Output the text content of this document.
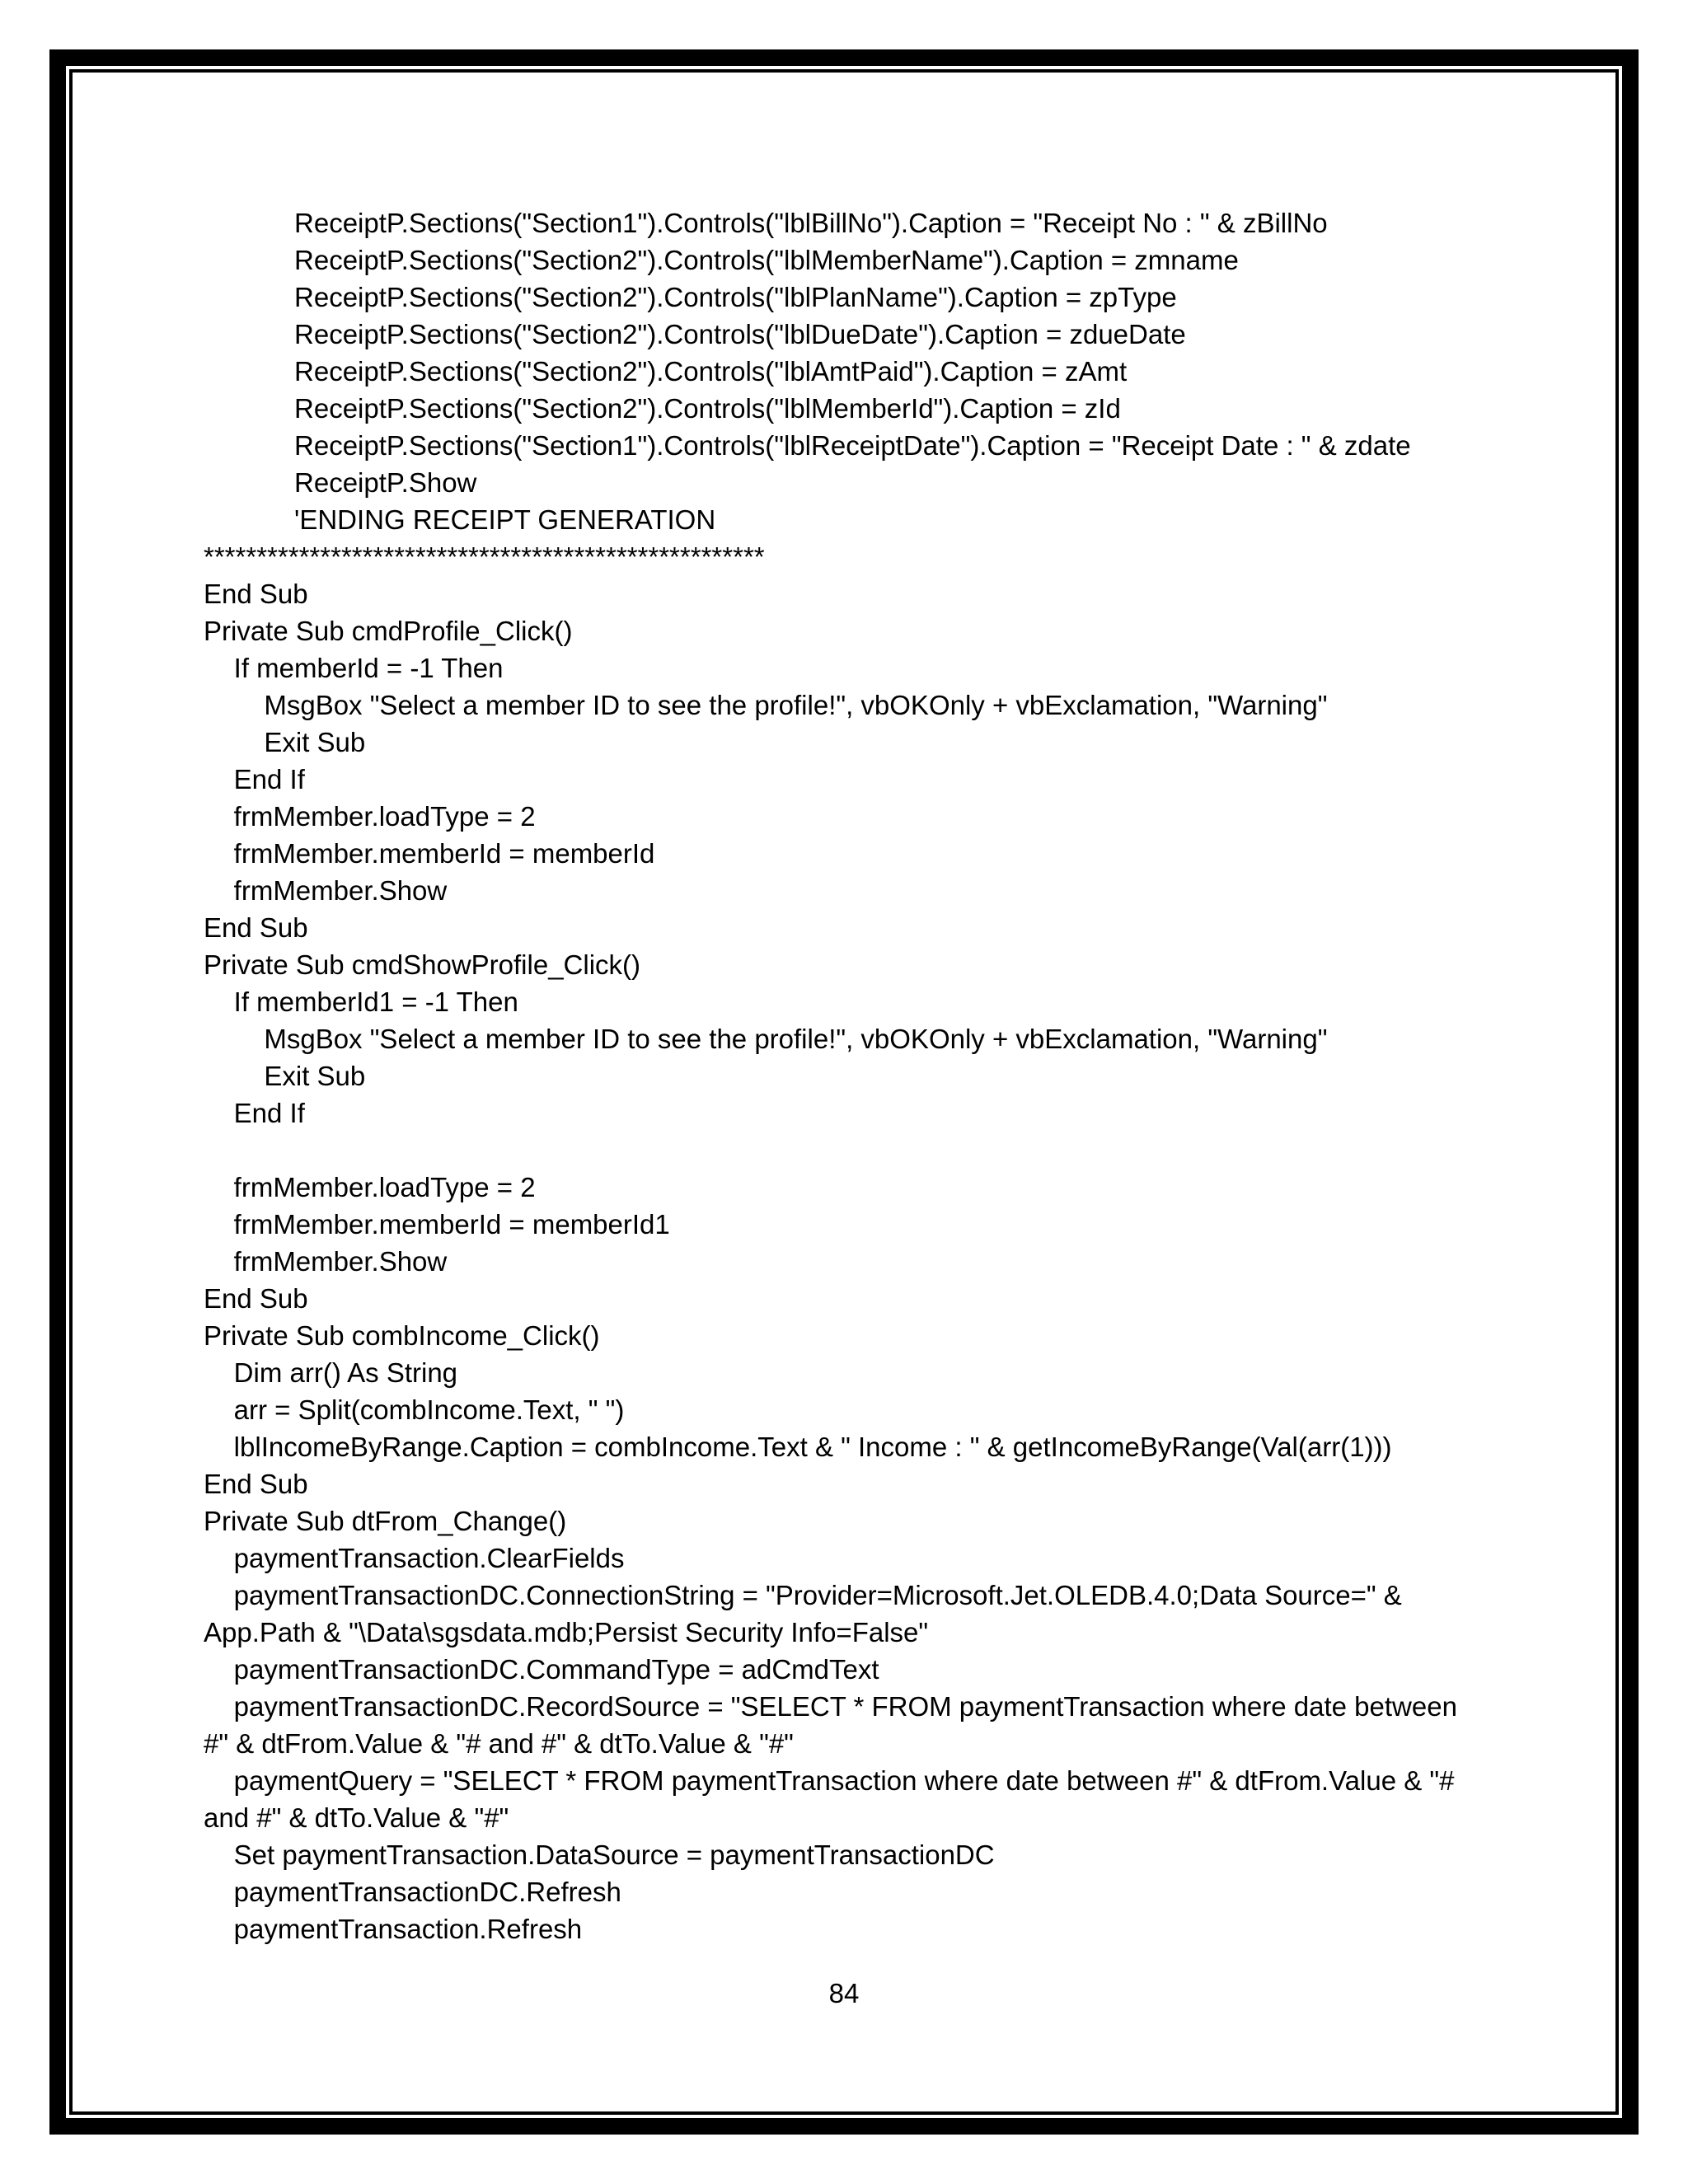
ReceiptP.Sections("Section1").Controls("lblBillNo").Caption = "Receipt No : " & zBillNo
ReceiptP.Sections("Section2").Controls("lblMemberName").Caption = zmname
ReceiptP.Sections("Section2").Controls("lblPlanName").Caption = zpType
ReceiptP.Sections("Section2").Controls("lblDueDate").Caption = zdueDate
ReceiptP.Sections("Section2").Controls("lblAmtPaid").Caption = zAmt
ReceiptP.Sections("Section2").Controls("lblMemberId").Caption = zId
ReceiptP.Sections("Section1").Controls("lblReceiptDate").Caption = "Receipt Date : " & zdate
ReceiptP.Show
'ENDING RECEIPT GENERATION
*****************************************************
End Sub
Private Sub cmdProfile_Click()
If memberId = -1 Then
MsgBox "Select a member ID to see the profile!", vbOKOnly + vbExclamation, "Warning"
Exit Sub
End If
frmMember.loadType = 2
frmMember.memberId = memberId
frmMember.Show
End Sub
Private Sub cmdShowProfile_Click()
If memberId1 = -1 Then
MsgBox "Select a member ID to see the profile!", vbOKOnly + vbExclamation, "Warning"
Exit Sub
End If
frmMember.loadType = 2
frmMember.memberId = memberId1
frmMember.Show
End Sub
Private Sub combIncome_Click()
Dim arr() As String
arr = Split(combIncome.Text, " ")
lblIncomeByRange.Caption = combIncome.Text & " Income : " & getIncomeByRange(Val(arr(1)))
End Sub
Private Sub dtFrom_Change()
paymentTransaction.ClearFields
paymentTransactionDC.ConnectionString = "Provider=Microsoft.Jet.OLEDB.4.0;Data Source=" &
App.Path & "\Data\sgsdata.mdb;Persist Security Info=False"
paymentTransactionDC.CommandType = adCmdText
paymentTransactionDC.RecordSource = "SELECT * FROM paymentTransaction where date between
#" & dtFrom.Value & "# and #" & dtTo.Value & "#"
paymentQuery = "SELECT * FROM paymentTransaction where date between #" & dtFrom.Value & "#
and #" & dtTo.Value & "#"
Set paymentTransaction.DataSource = paymentTransactionDC
paymentTransactionDC.Refresh
paymentTransaction.Refresh
84
